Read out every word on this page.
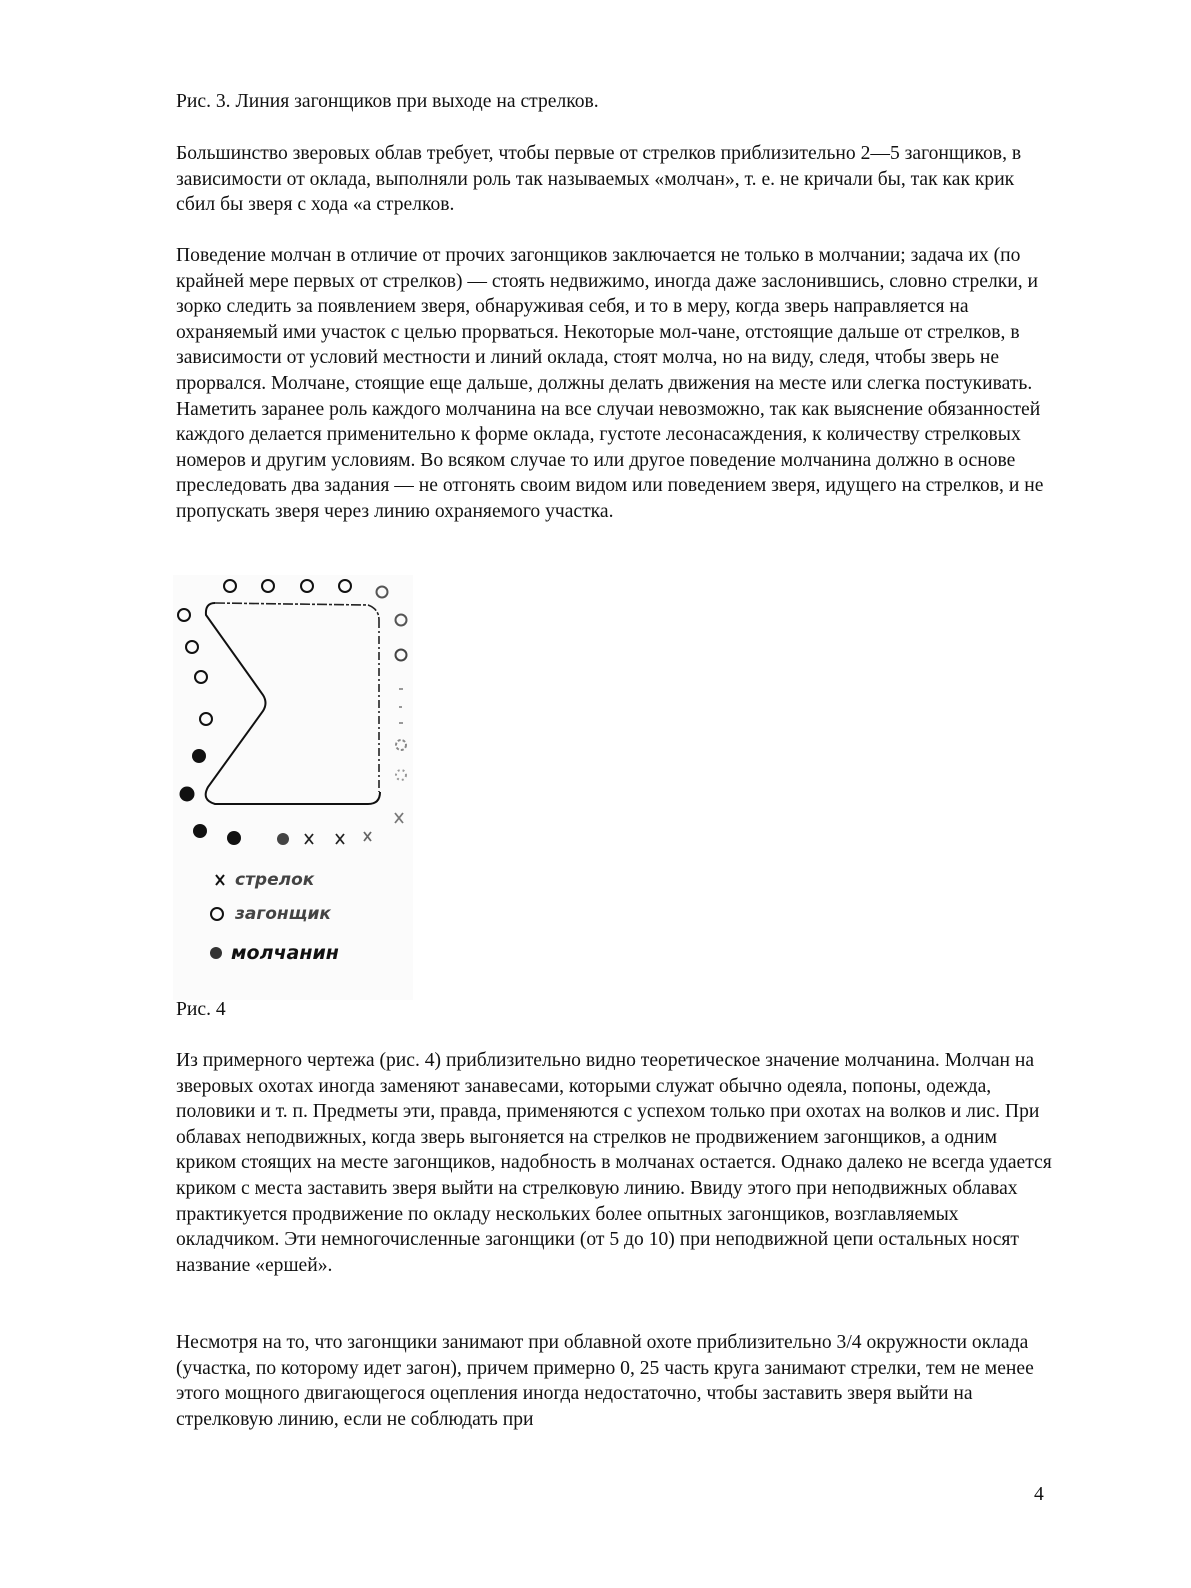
Рис. 3. Линия загонщиков при выходе на стрелков.

Большинство зверовых облав требует, чтобы первые от стрелков приблизительно 2—5 загонщиков, в зависимости от оклада, выполняли роль так называемых «молчан», т. е. не кричали бы, так как крик сбил бы зверя с хода «а стрелков.

Поведение молчан в отличие от прочих загонщиков заключается не только в молчании; задача их (по крайней мере первых от стрелков) — стоять недвижимо, иногда даже заслонившись, словно стрелки, и зорко следить за появлением зверя, обнаруживая себя, и то в меру, когда зверь направляется на охраняемый ими участок с целью прорваться. Некоторые мол-чане, отстоящие дальше от стрелков, в зависимости от условий местности и линий оклада, стоят молча, но на виду, следя, чтобы зверь не прорвался. Молчане, стоящие еще дальше, должны делать движения на месте или слегка постукивать. Наметить заранее роль каждого молчанина на все случаи невозможно, так как выяснение обязанностей каждого делается применительно к форме оклада, густоте лесонасаждения, к количеству стрелковых номеров и другим условиям. Во всяком случае то или другое поведение молчанина должно в основе преследовать два задания — не отгонять своим видом или поведением зверя, идущего на стрелков, и не пропускать зверя через линию охраняемого участка.

стрелок
загонщик
молчанин
Рис. 4

Из примерного чертежа (рис. 4) приблизительно видно теоретическое значение молчанина. Молчан на зверовых охотах иногда заменяют занавесами, которыми служат обычно одеяла, попоны, одежда, половики и т. п. Предметы эти, правда, применяются с успехом только при охотах на волков и лис. При облавах неподвижных, когда зверь выгоняется на стрелков не продвижением загонщиков, а одним криком стоящих на месте загонщиков, надобность в молчанах остается. Однако далеко не всегда удается криком с места заставить зверя выйти на стрелковую линию. Ввиду этого при неподвижных облавах практикуется продвижение по окладу нескольких более опытных загонщиков, возглавляемых окладчиком. Эти немногочисленные загонщики (от 5 до 10) при неподвижной цепи остальных носят название «ершей».

Несмотря на то, что загонщики занимают при облавной охоте приблизительно 3/4 окружности оклада (участка, по которому идет загон), причем примерно 0, 25 часть круга занимают стрелки, тем не менее этого мощного двигающегося оцепления иногда недостаточно, чтобы заставить зверя выйти на стрелковую линию, если не соблюдать при

4
